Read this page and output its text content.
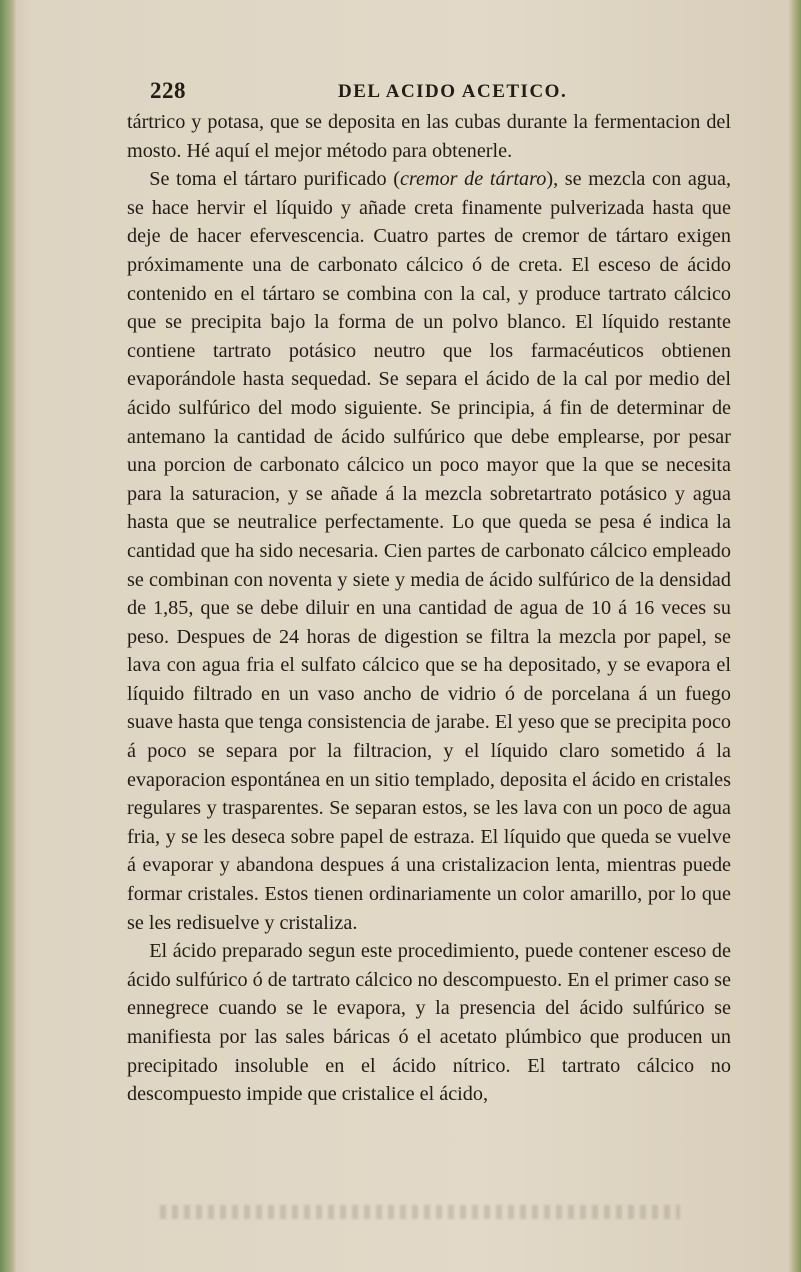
228	DEL ACIDO ACETICO.

tártrico y potasa, que se deposita en las cubas durante la fermentacion del mosto. Hé aquí el mejor método para obtenerle.

Se toma el tártaro purificado (cremor de tártaro), se mezcla con agua, se hace hervir el líquido y añade creta finamente pulverizada hasta que deje de hacer efervescencia. Cuatro partes de cremor de tártaro exigen próximamente una de carbonato cálcico ó de creta. El esceso de ácido contenido en el tártaro se combina con la cal, y produce tartrato cálcico que se precipita bajo la forma de un polvo blanco. El líquido restante contiene tartrato potásico neutro que los farmacéuticos obtienen evaporándole hasta sequedad. Se separa el ácido de la cal por medio del ácido sulfúrico del modo siguiente. Se principia, á fin de determinar de antemano la cantidad de ácido sulfúrico que debe emplearse, por pesar una porcion de carbonato cálcico un poco mayor que la que se necesita para la saturacion, y se añade á la mezcla sobretartrato potásico y agua hasta que se neutralice perfectamente. Lo que queda se pesa é indica la cantidad que ha sido necesaria. Cien partes de carbonato cálcico empleado se combinan con noventa y siete y media de ácido sulfúrico de la densidad de 1,85, que se debe diluir en una cantidad de agua de 10 á 16 veces su peso. Despues de 24 horas de digestion se filtra la mezcla por papel, se lava con agua fria el sulfato cálcico que se ha depositado, y se evapora el líquido filtrado en un vaso ancho de vidrio ó de porcelana á un fuego suave hasta que tenga consistencia de jarabe. El yeso que se precipita poco á poco se separa por la filtracion, y el líquido claro sometido á la evaporacion espontánea en un sitio templado, deposita el ácido en cristales regulares y trasparentes. Se separan estos, se les lava con un poco de agua fria, y se les deseca sobre papel de estraza. El líquido que queda se vuelve á evaporar y abandona despues á una cristalizacion lenta, mientras puede formar cristales. Estos tienen ordinariamente un color amarillo, por lo que se les redisuelve y cristaliza.

El ácido preparado segun este procedimiento, puede contener esceso de ácido sulfúrico ó de tartrato cálcico no descompuesto. En el primer caso se ennegrece cuando se le evapora, y la presencia del ácido sulfúrico se manifiesta por las sales báricas ó el acetato plúmbico que producen un precipitado insoluble en el ácido nítrico. El tartrato cálcico no descompuesto impide que cristalice el ácido,
